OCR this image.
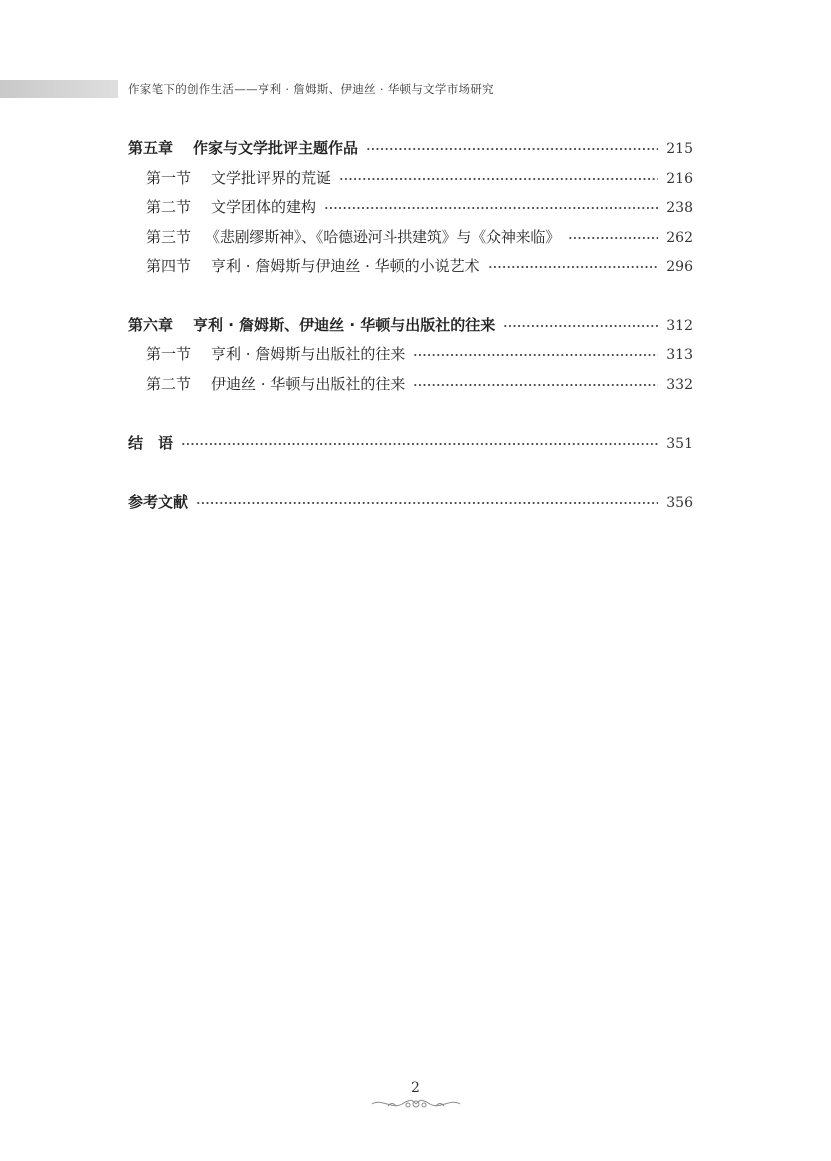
作家笔下的创作生活——亨利 · 詹姆斯、伊迪丝 · 华顿与文学市场研究
第五章 作家与文学批评主题作品	215
第一节 文学批评界的荒诞	216
第二节 文学团体的建构	238
第三节 《悲剧缪斯神》、《哈德逊河斗拱建筑》与《众神来临》	262
第四节 亨利 · 詹姆斯与伊迪丝 · 华顿的小说艺术	296
第六章 亨利 · 詹姆斯、伊迪丝 · 华顿与出版社的往来	312
第一节 亨利 · 詹姆斯与出版社的往来	313
第二节 伊迪丝 · 华顿与出版社的往来	332
结　语	351
参考文献	356
2
